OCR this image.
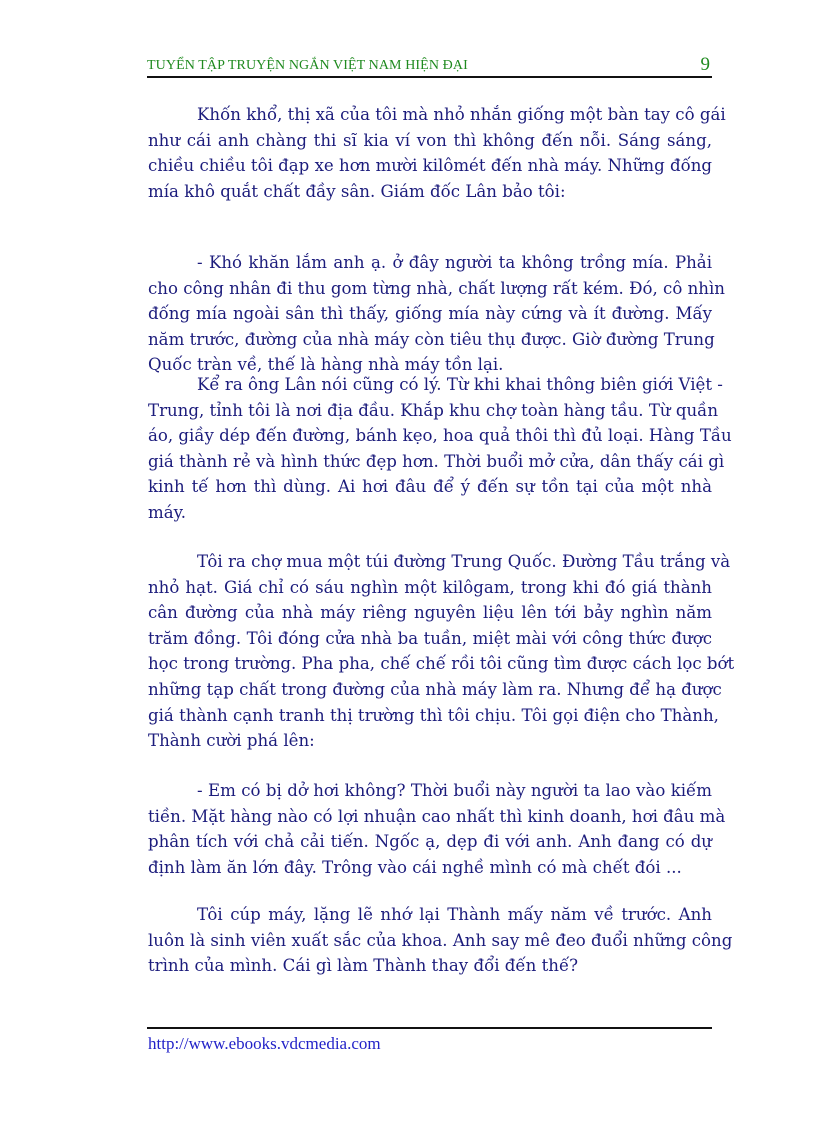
TUYỂN TẬP TRUYỆN NGẮN VIỆT NAM HIỆN ĐẠI	9
Khốn khổ, thị xã của tôi mà nhỏ nhắn giống một bàn tay cô gái
như cái anh chàng thi sĩ kia ví von thì không đến nỗi. Sáng sáng,
chiều chiều tôi đạp xe hơn mười kilômét đến nhà máy. Những đống
mía khô quắt chất đầy sân. Giám đốc Lân bảo tôi:
- Khó khăn lắm anh ạ. ở đây người ta không trồng mía. Phải
cho công nhân đi thu gom từng nhà, chất lượng rất kém. Đó, cô nhìn
đống mía ngoài sân thì thấy, giống mía này cứng và ít đường. Mấy
năm trước, đường của nhà máy còn tiêu thụ được. Giờ đường Trung
Quốc tràn về, thế là hàng nhà máy tồn lại.
Kể ra ông Lân nói cũng có lý. Từ khi khai thông biên giới Việt -
Trung, tỉnh tôi là nơi địa đầu. Khắp khu chợ toàn hàng tầu. Từ quần
áo, giầy dép đến đường, bánh kẹo, hoa quả thôi thì đủ loại. Hàng Tầu
giá thành rẻ và hình thức đẹp hơn. Thời buổi mở cửa, dân thấy cái gì
kinh tế hơn thì dùng. Ai hơi đâu để ý đến sự tồn tại của một nhà
máy.
Tôi ra chợ mua một túi đường Trung Quốc. Đường Tầu trắng và
nhỏ hạt. Giá chỉ có sáu nghìn một kilôgam, trong khi đó giá thành
cân đường của nhà máy riêng nguyên liệu lên tới bảy nghìn năm
trăm đồng. Tôi đóng cửa nhà ba tuần, miệt mài với công thức được
học trong trường. Pha pha, chế chế rồi tôi cũng tìm được cách lọc bớt
những tạp chất trong đường của nhà máy làm ra. Nhưng để hạ được
giá thành cạnh tranh thị trường thì tôi chịu. Tôi gọi điện cho Thành,
Thành cười phá lên:
- Em có bị dở hơi không? Thời buổi này người ta lao vào kiếm
tiền. Mặt hàng nào có lợi nhuận cao nhất thì kinh doanh, hơi đâu mà
phân tích với chả cải tiến. Ngốc ạ, dẹp đi với anh. Anh đang có dự
định làm ăn lớn đây. Trông vào cái nghề mình có mà chết đói ...
Tôi cúp máy, lặng lẽ nhớ lại Thành mấy năm về trước. Anh
luôn là sinh viên xuất sắc của khoa. Anh say mê đeo đuổi những công
trình của mình. Cái gì làm Thành thay đổi đến thế?
http://www.ebooks.vdcmedia.com
